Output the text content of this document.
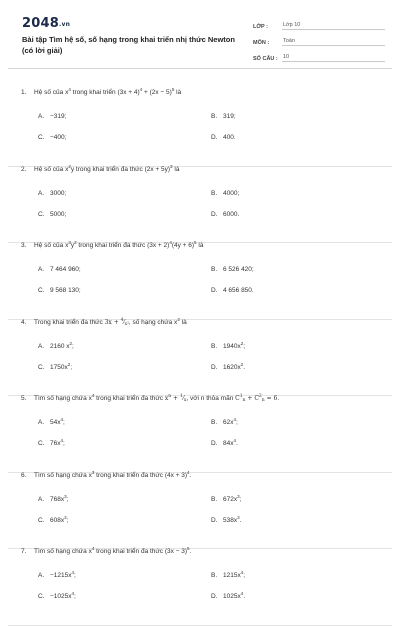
2048.vn
Bài tập Tìm hệ số, số hạng trong khai triển nhị thức Newton (có lời giải)
LỚP :	Lớp 10
MÔN :	Toán
SỐ CÂU : 10
1. Hệ số của $x^4$ trong khai triển $(3x + 4)^4 + (2x - 5)^5$ là
A. −319;	B. 319;
C. −400;	D. 400.
2. Hệ số của $x^2y$ trong khai triển đa thức $(2x + 5y)^3$ là
A. 3000;	B. 4000;
C. 5000;	D. 6000.
3. Hệ số của $x^3y^2$ trong khai triển đa thức $(3x + 2)^4(4y + 6)^5$ là
A. 7 464 960;	B. 6 526 420;
C. 9 568 130;	D. 4 656 850.
4. Trong khai triển đa thức $3x + ^4⁄_{x^2}$, số hạng chứa $x^2$ là
A. 2160 $x^2$;	B. $1940x^2$;
C. $1750x^2$;	D. $1620x^2$.
5. Tìm số hạng chứa $x^4$ trong khai triển đa thức $x^n$ + $^1⁄_x$, với n thỏa mãn $C^1_n + C^2_n = 6$.
A. $54x^4$;	B. $62x^4$;
C. $76x^4$;	D. $84x^4$.
6. Tìm số hạng chứa $x^3$ trong khai triển đa thức $(4x + 3)^4$.
A. $768x^3$;	B. $672x^3$;
C. $608x^3$;	D. $538x^3$.
7. Tìm số hạng chứa $x^4$ trong khai triển đa thức $(3x - 3)^5$.
A. $-1215x^4$;	B. $1215x^4$;
C. $-1025x^4$;	D. $1025x^4$.
